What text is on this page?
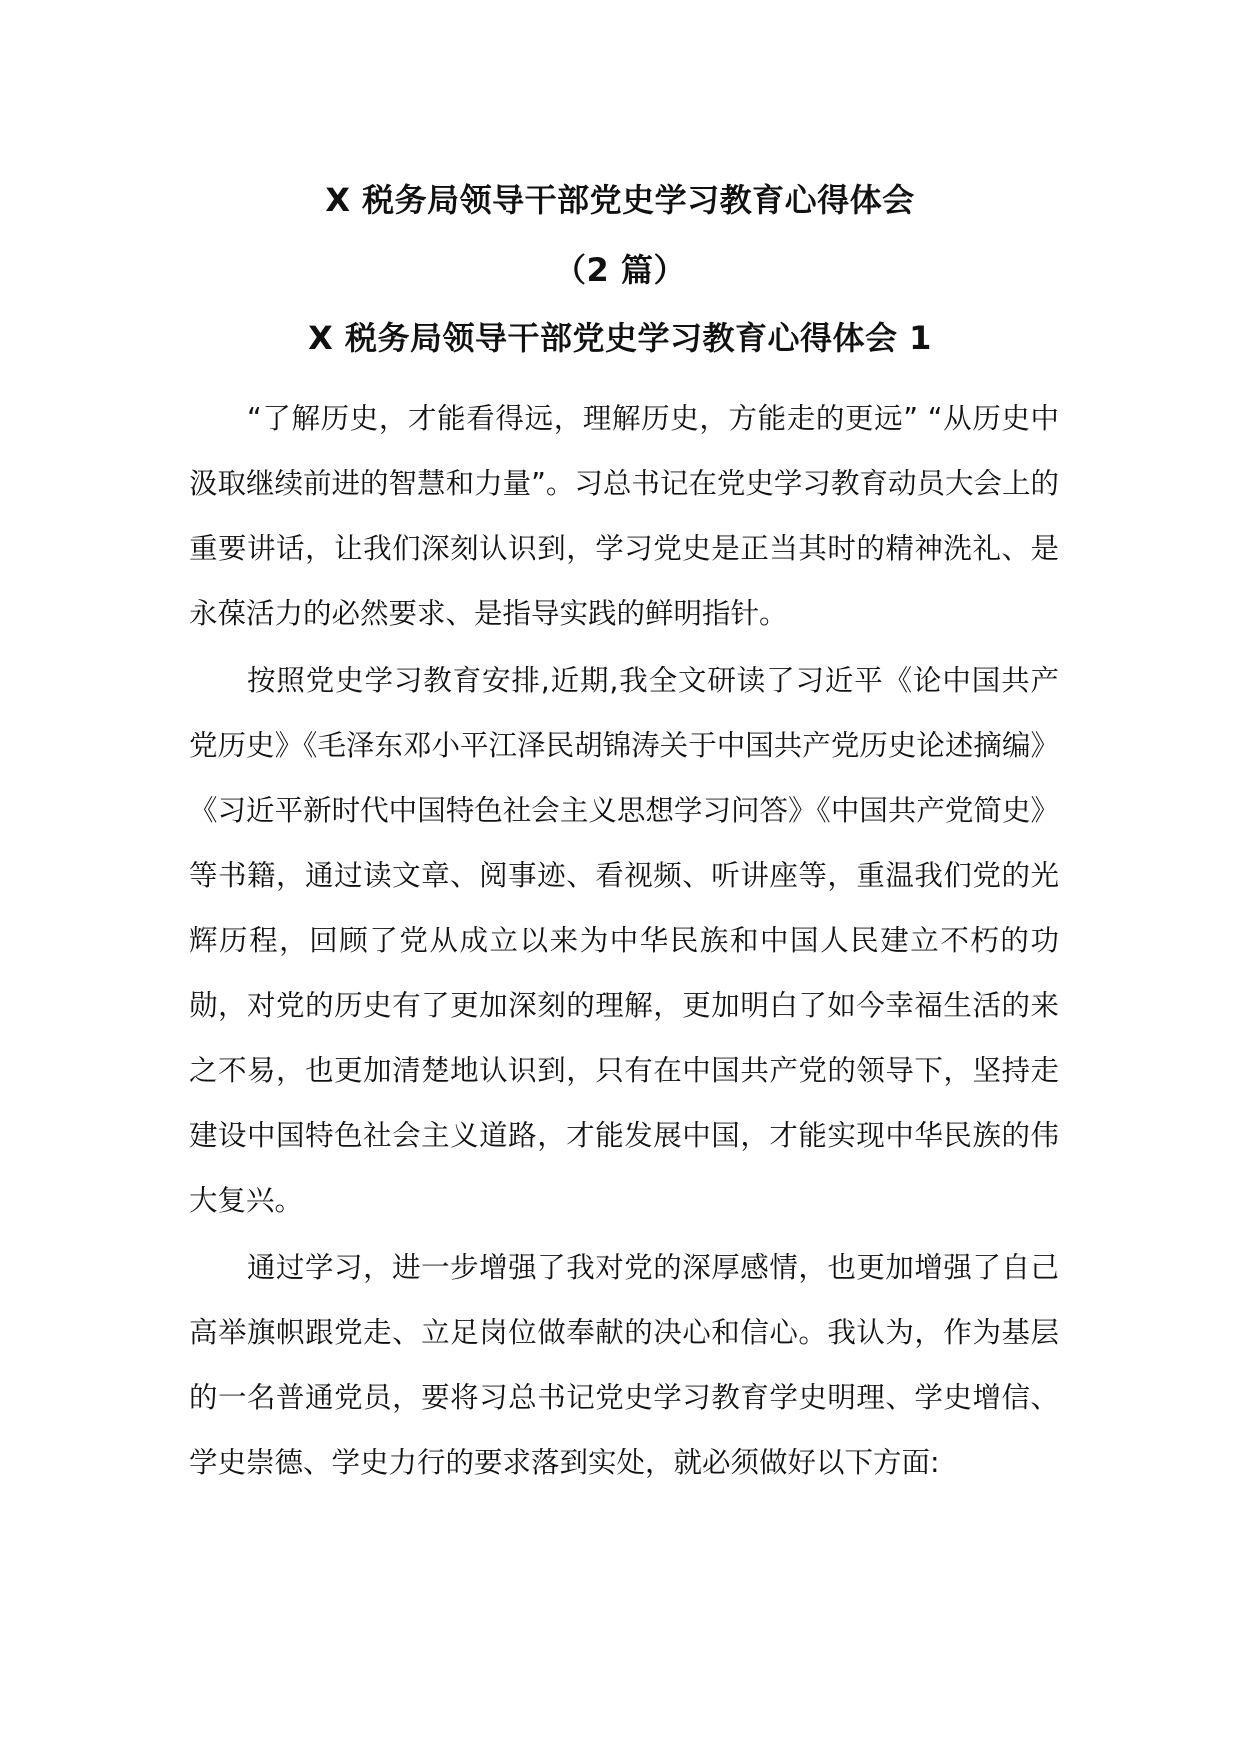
X 税务局领导干部党史学习教育心得体会
（2 篇）
X 税务局领导干部党史学习教育心得体会 1

“了解历史，才能看得远，理解历史，方能走的更远” “从历史中汲取继续前进的智慧和力量”。习总书记在党史学习教育动员大会上的重要讲话，让我们深刻认识到，学习党史是正当其时的精神洗礼、是永葆活力的必然要求、是指导实践的鲜明指针。

按照党史学习教育安排,近期,我全文研读了习近平《论中国共产党历史》《毛泽东邓小平江泽民胡锦涛关于中国共产党历史论述摘编》《习近平新时代中国特色社会主义思想学习问答》《中国共产党简史》等书籍，通过读文章、阅事迹、看视频、听讲座等，重温我们党的光辉历程，回顾了党从成立以来为中华民族和中国人民建立不朽的功勋，对党的历史有了更加深刻的理解，更加明白了如今幸福生活的来之不易，也更加清楚地认识到，只有在中国共产党的领导下，坚持走建设中国特色社会主义道路，才能发展中国，才能实现中华民族的伟大复兴。

通过学习，进一步增强了我对党的深厚感情，也更加增强了自己高举旗帜跟党走、立足岗位做奉献的决心和信心。我认为，作为基层的一名普通党员，要将习总书记党史学习教育学史明理、学史增信、学史崇德、学史力行的要求落到实处，就必须做好以下方面:
